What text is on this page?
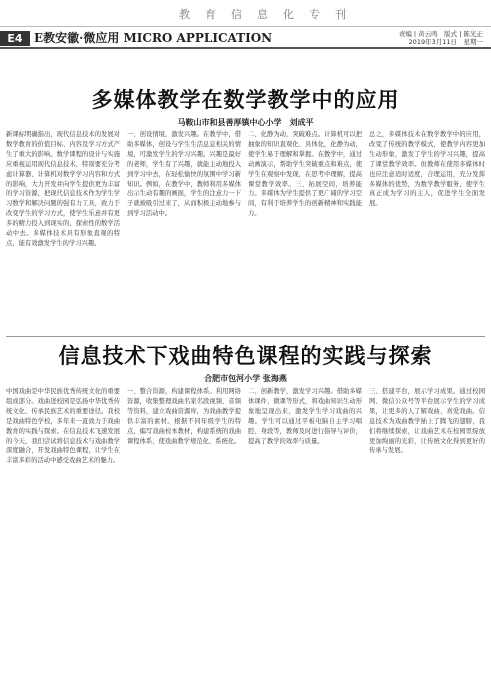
教育信息化专刊
E4 E教安徽·微应用 MICRO APPLICATION	责编 | 黄云鸣　版式 | 陈光正
2019年3月11日　星期一
多媒体教学在数学教学中的应用
马鞍山市和县善厚镇中心小学　刘成平

新课标明确指出，现代信息技术的发展对数学教育的价值目标、内容及学习方式产生了重大的影响。数学课程的设计与实施应重视运用现代信息技术，特别要充分考虑计算器、计算机对数学学习内容和方式的影响，大力开发并向学生提供更为丰富的学习资源，把现代信息技术作为学生学习数学和解决问题的强有力工具，致力于改变学生的学习方式，使学生乐意并有更多的精力投入到现实的、探索性的数学活动中去。多媒体技术具有形象直观的特点，能有效激发学生的学习兴趣。

一、创设情境，激发兴趣。在教学中，借助多媒体，创设与学生生活息息相关的情境，可激发学生的学习兴趣。兴趣是最好的老师，学生有了兴趣，就能主动地投入到学习中去，在轻松愉快的氛围中学习新知识。例如，在教学中，教师利用多媒体出示生动有趣的画面，学生的注意力一下子就被吸引过来了，从而积极主动地参与到学习活动中。

二、化静为动，突破难点。计算机可以把抽象的知识直观化、具体化，化静为动，使学生易于理解和掌握。在教学中，通过动画演示，帮助学生突破重点和难点，使学生在观察中发现，在思考中理解，提高课堂教学效率。三、拓展空间，培养能力。多媒体为学生提供了更广阔的学习空间，有利于培养学生的创新精神和实践能力。

总之，多媒体技术在数学教学中的应用，改变了传统的教学模式，使教学内容更加生动形象，激发了学生的学习兴趣，提高了课堂教学效率。但教师在使用多媒体时也应注意适时适度，合理运用，充分发挥多媒体的优势，为数学教学服务，使学生真正成为学习的主人，促进学生全面发展。

信息技术下戏曲特色课程的实践与探索
合肥市包河小学 张海燕

中国戏曲是中华民族优秀传统文化的重要组成部分。戏曲进校园是弘扬中华优秀传统文化、传承民族艺术的重要途径。我校是戏曲特色学校，多年来一直致力于戏曲教育的实践与探索。在信息技术飞速发展的今天，我们尝试将信息技术与戏曲教学深度融合，开发戏曲特色课程，让学生在丰富多彩的活动中感受戏曲艺术的魅力。

一、整合资源，构建课程体系。利用网络资源，收集整理戏曲名家名段视频、音频等资料，建立戏曲资源库，为戏曲教学提供丰富的素材。根据不同年级学生的特点，编写戏曲校本教材，构建系统的戏曲课程体系，使戏曲教学规范化、系统化。

二、创新教学，激发学习兴趣。借助多媒体课件、微课等形式，将戏曲知识生动形象地呈现出来，激发学生学习戏曲的兴趣。学生可以通过平板电脑自主学习唱腔、身段等，教师及时进行指导与评价，提高了教学的效率与质量。

三、搭建平台，展示学习成果。通过校园网、微信公众号等平台展示学生的学习成果，让更多的人了解戏曲、喜爱戏曲。信息技术为戏曲教学插上了腾飞的翅膀，我们将继续探索，让戏曲艺术在校园里绽放更加绚丽的光彩，让传统文化得到更好的传承与发展。
